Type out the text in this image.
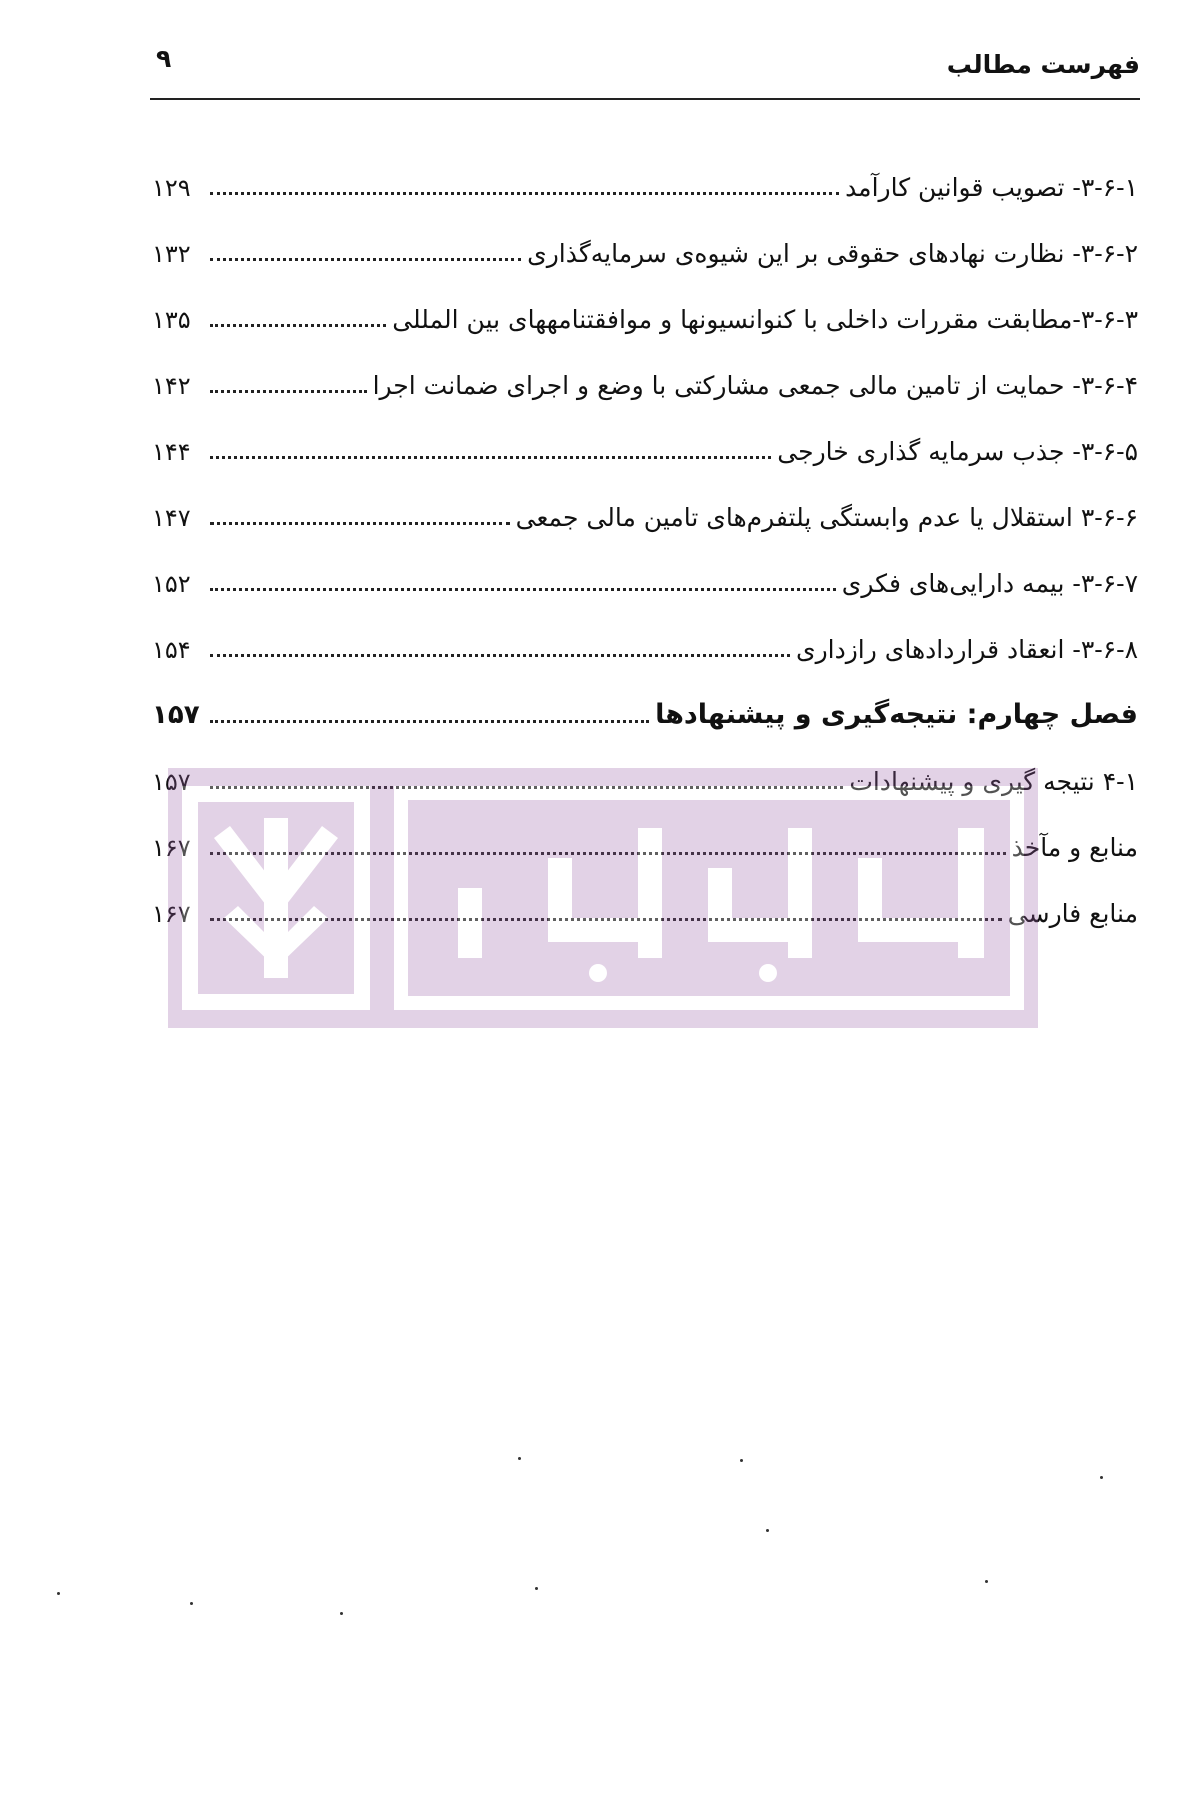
فهرست مطالب
۹
۳-۶-۱- تصویب قوانین کارآمد
۱۲۹
۳-۶-۲- نظارت نهادهای حقوقی بر این شیوه‌ی سرمایه‌گذاری
۱۳۲
۳-۶-۳-مطابقت مقررات داخلی با کنوانسیونها و موافقتنامههای بین المللی
۱۳۵
۳-۶-۴- حمایت از تامین مالی جمعی مشارکتی با وضع و اجرای ضمانت اجرا
۱۴۲
۳-۶-۵- جذب سرمایه گذاری خارجی
۱۴۴
۳-۶-۶ استقلال یا عدم وابستگی پلتفرم‌های تامین مالی جمعی
۱۴۷
۳-۶-۷- بیمه دارایی‌های فکری
۱۵۲
۳-۶-۸- انعقاد قراردادهای رازداری
۱۵۴
فصل چهارم: نتیجه‌گیری و پیشنهادها
۱۵۷
۴-۱ نتیجه گیری و پیشنهادات
۱۵۷
منابع و مآخذ
۱۶۷
منابع فارسی
۱۶۷
